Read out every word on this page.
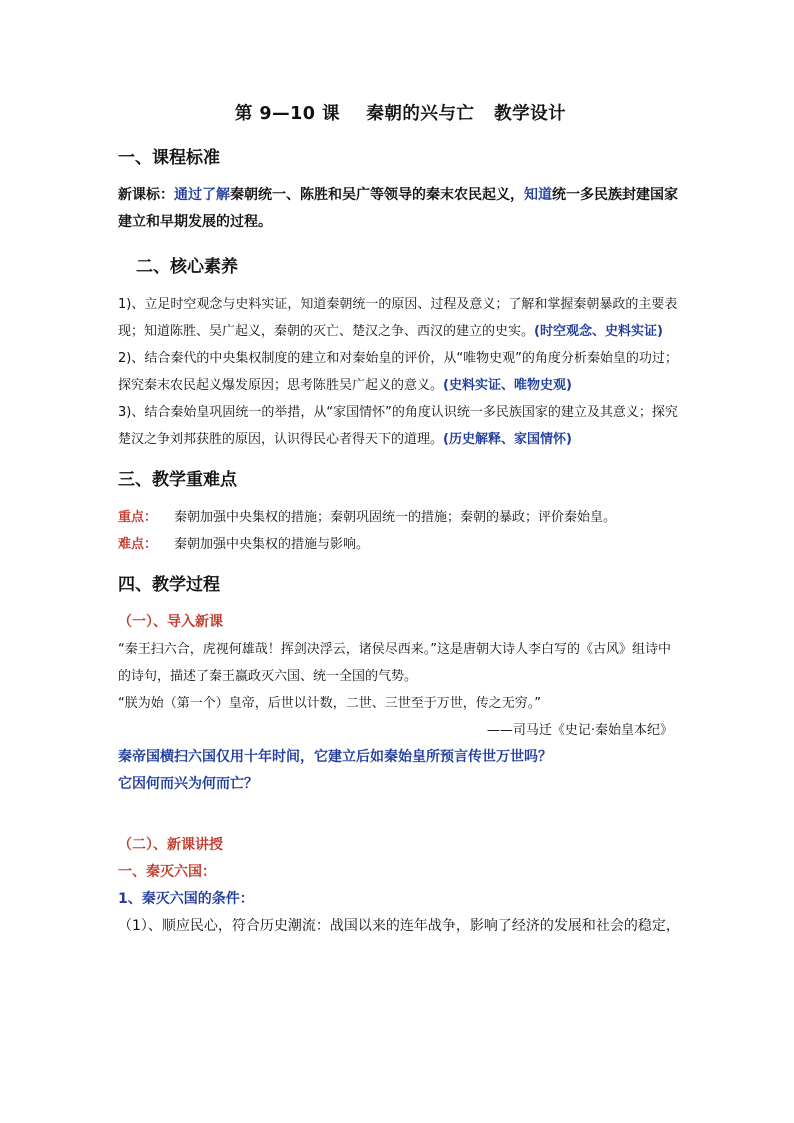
第 9—10 课    秦朝的兴与亡   教学设计
一、课程标准

新课标：通过了解秦朝统一、陈胜和吴广等领导的秦末农民起义，知道统一多民族封建国家建立和早期发展的过程。

二、核心素养

1)、立足时空观念与史料实证，知道秦朝统一的原因、过程及意义；了解和掌握秦朝暴政的主要表现；知道陈胜、吴广起义，秦朝的灭亡、楚汉之争、西汉的建立的史实。(时空观念、史料实证)

2)、结合秦代的中央集权制度的建立和对秦始皇的评价，从“唯物史观”的角度分析秦始皇的功过；探究秦末农民起义爆发原因；思考陈胜吴广起义的意义。(史料实证、唯物史观)

3)、结合秦始皇巩固统一的举措，从“家国情怀”的角度认识统一多民族国家的建立及其意义；探究楚汉之争刘邦获胜的原因，认识得民心者得天下的道理。(历史解释、家国情怀)

三、教学重难点

重点： 秦朝加强中央集权的措施；秦朝巩固统一的措施；秦朝的暴政；评价秦始皇。

难点： 秦朝加强中央集权的措施与影响。

四、教学过程

（一）、导入新课

“秦王扫六合，虎视何雄哉！挥剑决浮云，诸侯尽西来。”这是唐朝大诗人李白写的《古风》组诗中的诗句，描述了秦王嬴政灭六国、统一全国的气势。

“朕为始（第一个）皇帝，后世以计数，二世、三世至于万世，传之无穷。”

——司马迁《史记·秦始皇本纪》

秦帝国横扫六国仅用十年时间，它建立后如秦始皇所预言传世万世吗？

它因何而兴为何而亡？

（二）、新课讲授

一、秦灭六国：

1、秦灭六国的条件：

（1）、顺应民心，符合历史潮流：战国以来的连年战争，影响了经济的发展和社会的稳定，
